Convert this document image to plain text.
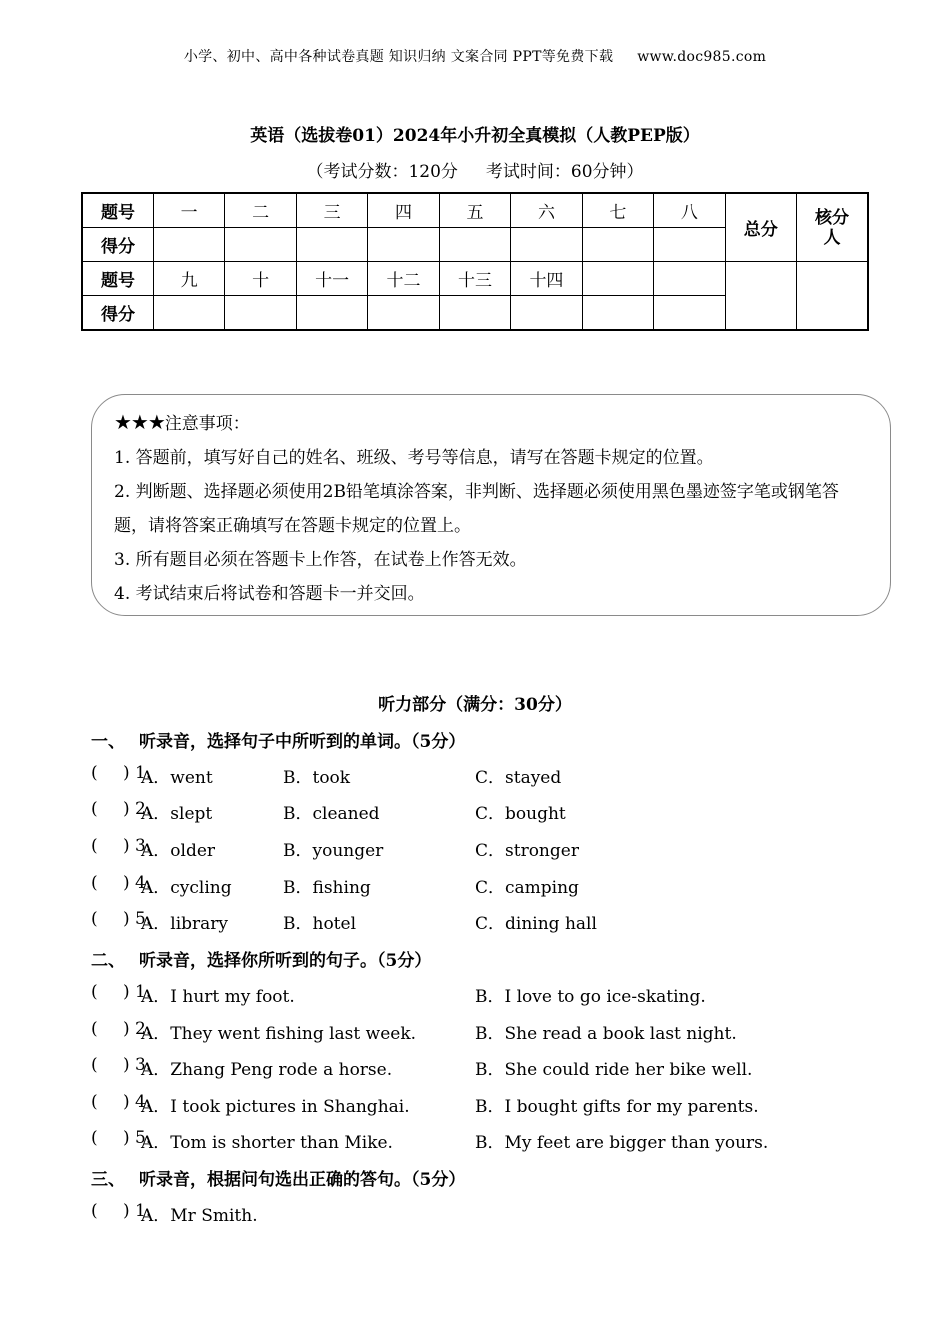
小学、初中、高中各种试卷真题 知识归纳 文案合同 PPT等免费下载 www.doc985.com
英语（选拔卷01）2024年小升初全真模拟（人教PEP版）
（考试分数：120分 考试时间：60分钟）
题号	一	二	三	四	五	六	七	八	总分	核分人
得分										
题号	九	十	十一	十二	十三	十四				
得分										

★★★注意事项：

1. 答题前，填写好自己的姓名、班级、考号等信息，请写在答题卡规定的位置。

2. 判断题、选择题必须使用2B铅笔填涂答案，非判断、选择题必须使用黑色墨迹签字笔或钢笔答题，请将答案正确填写在答题卡规定的位置上。

3. 所有题目必须在答题卡上作答，在试卷上作答无效。

4. 考试结束后将试卷和答题卡一并交回。

听力部分（满分：30分）
一、 听录音，选择句子中所听到的单词。（5分）
( ) 1.
A．went	B．took	C．stayed
( ) 2.
A．slept	B．cleaned	C．bought
( ) 3.
A．older	B．younger	C．stronger
( ) 4.
A．cycling	B．fishing	C．camping
( ) 5.
A．library	B．hotel	C．dining hall
二、 听录音，选择你所听到的句子。（5分）
( ) 1.
A．I hurt my foot.	B．I love to go ice-skating.
( ) 2.
A．They went fishing last week.	B．She read a book last night.
( ) 3.
A．Zhang Peng rode a horse.	B．She could ride her bike well.
( ) 4.
A．I took pictures in Shanghai.	B．I bought gifts for my parents.
( ) 5.
A．Tom is shorter than Mike.	B．My feet are bigger than yours.
三、 听录音，根据问句选出正确的答句。（5分）
( ) 1.
A．Mr Smith.
